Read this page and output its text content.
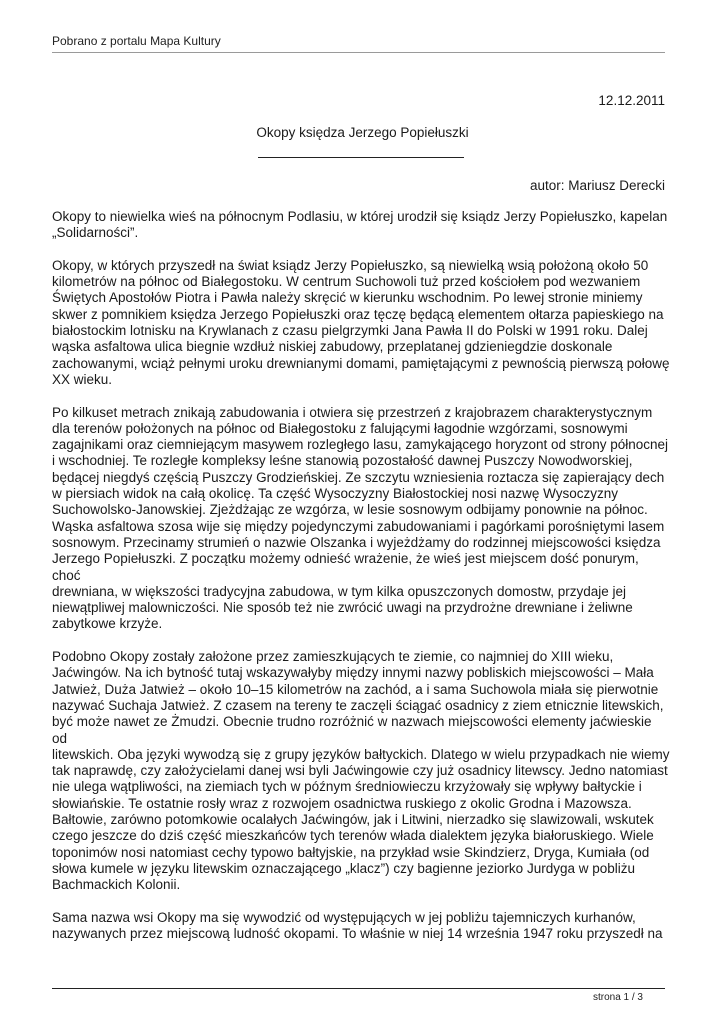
Pobrano z portalu Mapa Kultury
12.12.2011
Okopy księdza Jerzego Popiełuszki
autor: Mariusz Derecki

Okopy to niewielka wieś na północnym Podlasiu, w której urodził się ksiądz Jerzy Popiełuszko, kapelan
„Solidarności”.

Okopy, w których przyszedł na świat ksiądz Jerzy Popiełuszko, są niewielką wsią położoną około 50
kilometrów na północ od Białegostoku. W centrum Suchowoli tuż przed kościołem pod wezwaniem
Świętych Apostołów Piotra i Pawła należy skręcić w kierunku wschodnim. Po lewej stronie miniemy
skwer z pomnikiem księdza Jerzego Popiełuszki oraz tęczę będącą elementem ołtarza papieskiego na
białostockim lotnisku na Krywlanach z czasu pielgrzymki Jana Pawła II do Polski w 1991 roku. Dalej
wąska asfaltowa ulica biegnie wzdłuż niskiej zabudowy, przeplatanej gdzieniegdzie doskonale
zachowanymi, wciąż pełnymi uroku drewnianymi domami, pamiętającymi z pewnością pierwszą połowę
XX wieku.

Po kilkuset metrach znikają zabudowania i otwiera się przestrzeń z krajobrazem charakterystycznym
dla terenów położonych na północ od Białegostoku z falującymi łagodnie wzgórzami, sosnowymi
zagajnikami oraz ciemniejącym masywem rozległego lasu, zamykającego horyzont od strony północnej
i wschodniej. Te rozległe kompleksy leśne stanowią pozostałość dawnej Puszczy Nowodworskiej,
będącej niegdyś częścią Puszczy Grodzieńskiej. Ze szczytu wzniesienia roztacza się zapierający dech
w piersiach widok na całą okolicę. Ta część Wysoczyzny Białostockiej nosi nazwę Wysoczyzny
Suchowolsko-Janowskiej. Zjeżdżając ze wzgórza, w lesie sosnowym odbijamy ponownie na północ.
Wąska asfaltowa szosa wije się między pojedynczymi zabudowaniami i pagórkami porośniętymi lasem
sosnowym. Przecinamy strumień o nazwie Olszanka i wyjeżdżamy do rodzinnej miejscowości księdza
Jerzego Popiełuszki. Z początku możemy odnieść wrażenie, że wieś jest miejscem dość ponurym, choć
drewniana, w większości tradycyjna zabudowa, w tym kilka opuszczonych domostw, przydaje jej
niewątpliwej malowniczości. Nie sposób też nie zwrócić uwagi na przydrożne drewniane i żeliwne
zabytkowe krzyże.

Podobno Okopy zostały założone przez zamieszkujących te ziemie, co najmniej do XIII wieku,
Jaćwingów. Na ich bytność tutaj wskazywałyby między innymi nazwy pobliskich miejscowości – Mała
Jatwież, Duża Jatwież – około 10–15 kilometrów na zachód, a i sama Suchowola miała się pierwotnie
nazywać Suchaja Jatwież. Z czasem na tereny te zaczęli ściągać osadnicy z ziem etnicznie litewskich,
być może nawet ze Żmudzi. Obecnie trudno rozróżnić w nazwach miejscowości elementy jaćwieskie od
litewskich. Oba języki wywodzą się z grupy języków bałtyckich. Dlatego w wielu przypadkach nie wiemy
tak naprawdę, czy założycielami danej wsi byli Jaćwingowie czy już osadnicy litewscy. Jedno natomiast
nie ulega wątpliwości, na ziemiach tych w późnym średniowieczu krzyżowały się wpływy bałtyckie i
słowiańskie. Te ostatnie rosły wraz z rozwojem osadnictwa ruskiego z okolic Grodna i Mazowsza.
Bałtowie, zarówno potomkowie ocalałych Jaćwingów, jak i Litwini, nierzadko się slawizowali, wskutek
czego jeszcze do dziś część mieszkańców tych terenów włada dialektem języka białoruskiego. Wiele
toponimów nosi natomiast cechy typowo bałtyjskie, na przykład wsie Skindzierz, Dryga, Kumiała (od
słowa kumele w języku litewskim oznaczającego „klacz”) czy bagienne jeziorko Jurdyga w pobliżu
Bachmackich Kolonii.

Sama nazwa wsi Okopy ma się wywodzić od występujących w jej pobliżu tajemniczych kurhanów,
nazywanych przez miejscową ludność okopami. To właśnie w niej 14 września 1947 roku przyszedł na

strona 1 / 3
